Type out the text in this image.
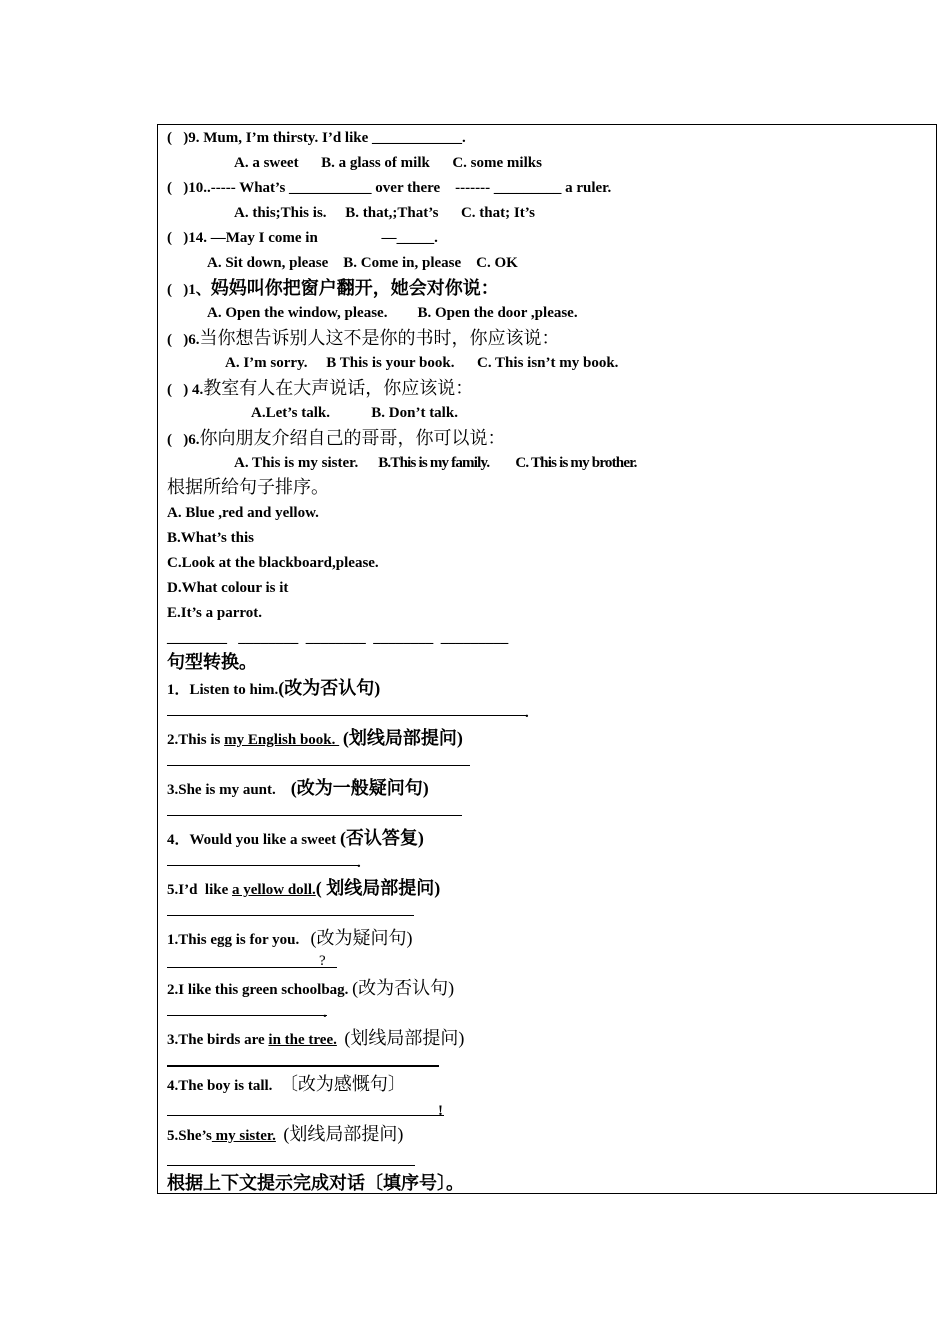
(   )9. Mum, I’m thirsty. I’d like ____________.
A. a sweet      B. a glass of milk      C. some milks
(   )10..----- What’s ___________ over there    ------- _________ a ruler.
A. this;This is.     B. that,;That’s      C. that; It’s
(   )14. —May I come in                 —_____.
A. Sit down, please    B. Come in, please    C. OK
(   )1、妈妈叫你把窗户翻开，她会对你说：
A. Open the window, please.        B. Open the door ,please.
(   )6.当你想告诉别人这不是你的书时，你应该说：
A. I’m sorry.     B This is your book.      C. This isn’t my book.
(   ) 4.教室有人在大声说话，你应该说：
A.Let’s talk.           B. Don’t talk.
(   )6.你向朋友介绍自己的哥哥，你可以说：
A. This is my sister. B.This is my family. C. This is my brother.
根据所给句子排序。
A. Blue ,red and yellow.
B.What’s this
C.Look at the blackboard,please.
D.What colour is it
E.It’s a parrot.
________   ________  ________  ________  _________
句型转换。
1．Listen to him.(改为否认句)
.
2.This is my English book.  (划线局部提问)
3.She is my aunt.    (改为一般疑问句)
4．Would you like a sweet (否认答复)
.
5.I’d  like a yellow doll.( 划线局部提问)
1.This egg is for you.   (改为疑问句)
?
2.I like this green schoolbag. (改为否认句)
.
3.The birds are in the tree. (划线局部提问)
4.The boy is tall.  〔改为感慨句〕
!
5.She’s my sister. (划线局部提问)
根据上下文提示完成对话〔填序号〕。
